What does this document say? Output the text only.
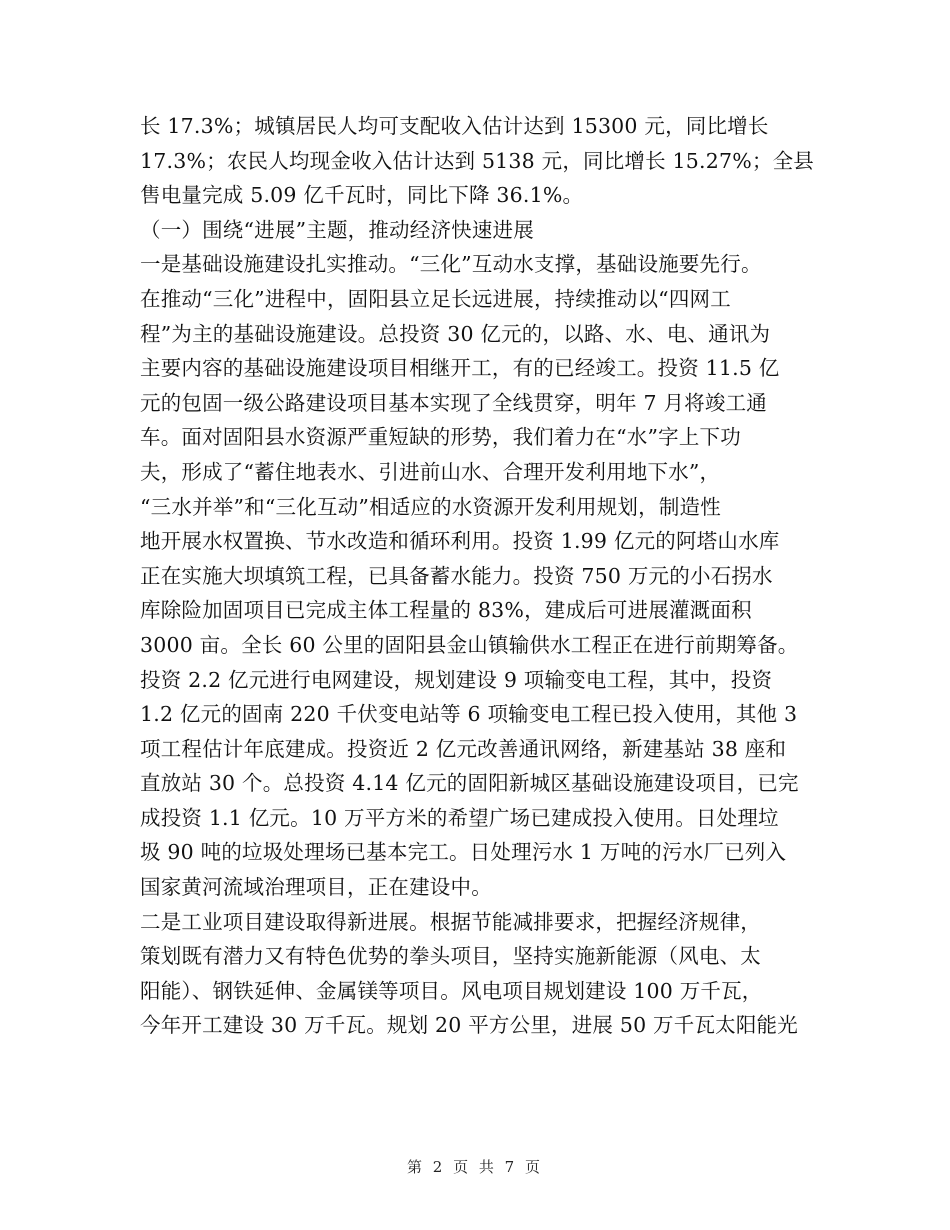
长 17.3%；城镇居民人均可支配收入估计达到 15300 元，同比增长
17.3%；农民人均现金收入估计达到 5138 元，同比增长 15.27%；全县
售电量完成 5.09 亿千瓦时，同比下降 36.1%。
（一）围绕“进展”主题，推动经济快速进展
一是基础设施建设扎实推动。“三化”互动水支撑，基础设施要先行。
在推动“三化”进程中，固阳县立足长远进展，持续推动以“四网工
程”为主的基础设施建设。总投资 30 亿元的，以路、水、电、通讯为
主要内容的基础设施建设项目相继开工，有的已经竣工。投资 11.5 亿
元的包固一级公路建设项目基本实现了全线贯穿，明年 7 月将竣工通
车。面对固阳县水资源严重短缺的形势，我们着力在“水”字上下功
夫，形成了“蓄住地表水、引进前山水、合理开发利用地下水”，
“三水并举”和“三化互动”相适应的水资源开发利用规划，制造性
地开展水权置换、节水改造和循环利用。投资 1.99 亿元的阿塔山水库
正在实施大坝填筑工程，已具备蓄水能力。投资 750 万元的小石拐水
库除险加固项目已完成主体工程量的 83%，建成后可进展灌溉面积
3000 亩。全长 60 公里的固阳县金山镇输供水工程正在进行前期筹备。
投资 2.2 亿元进行电网建设，规划建设 9 项输变电工程，其中，投资
1.2 亿元的固南 220 千伏变电站等 6 项输变电工程已投入使用，其他 3
项工程估计年底建成。投资近 2 亿元改善通讯网络，新建基站 38 座和
直放站 30 个。总投资 4.14 亿元的固阳新城区基础设施建设项目，已完
成投资 1.1 亿元。10 万平方米的希望广场已建成投入使用。日处理垃
圾 90 吨的垃圾处理场已基本完工。日处理污水 1 万吨的污水厂已列入
国家黄河流域治理项目，正在建设中。
二是工业项目建设取得新进展。根据节能减排要求，把握经济规律，
策划既有潜力又有特色优势的拳头项目，坚持实施新能源（风电、太
阳能）、钢铁延伸、金属镁等项目。风电项目规划建设 100 万千瓦，
今年开工建设 30 万千瓦。规划 20 平方公里，进展 50 万千瓦太阳能光
第 2 页 共 7 页
